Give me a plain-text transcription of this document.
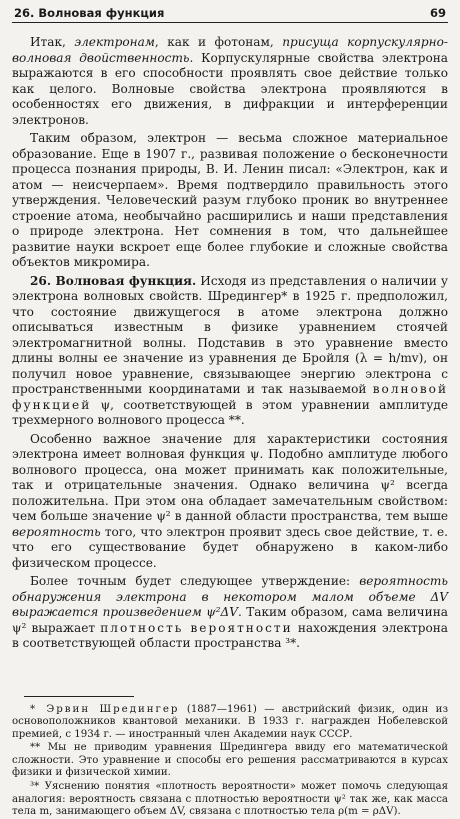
26. Волновая функция	69

Итак, электронам, как и фотонам, присуща корпускулярно-волновая двойственность. Корпускулярные свойства электрона выражаются в его способности проявлять свое действие только как целого. Волновые свойства электрона проявляются в особенностях его движения, в дифракции и интерференции электронов.

Таким образом, электрон — весьма сложное материальное образование. Еще в 1907 г., развивая положение о бесконечности процесса познания природы, В. И. Ленин писал: «Электрон, как и атом — неисчерпаем». Время подтвердило правильность этого утверждения. Человеческий разум глубоко проник во внутреннее строение атома, необычайно расширились и наши представления о природе электрона. Нет сомнения в том, что дальнейшее развитие науки вскроет еще более глубокие и сложные свойства объектов микромира.

26. Волновая функция. Исходя из представления о наличии у электрона волновых свойств. Шредингер* в 1925 г. предположил, что состояние движущегося в атоме электрона должно описываться известным в физике уравнением стоячей электромагнитной волны. Подставив в это уравнение вместо длины волны ее значение из уравнения де Бройля (λ = h/mv), он получил новое уравнение, связывающее энергию электрона с пространственными координатами и так называемой волновой функцией ψ, соответствующей в этом уравнении амплитуде трехмерного волнового процесса **.

Особенно важное значение для характеристики состояния электрона имеет волновая функция ψ. Подобно амплитуде любого волнового процесса, она может принимать как положительные, так и отрицательные значения. Однако величина ψ² всегда положительна. При этом она обладает замечательным свойством: чем больше значение ψ² в данной области пространства, тем выше вероятность того, что электрон проявит здесь свое действие, т. е. что его существование будет обнаружено в каком-либо физическом процессе.

Более точным будет следующее утверждение: вероятность обнаружения электрона в некотором малом объеме ΔV выражается произведением ψ²ΔV. Таким образом, сама величина ψ² выражает плотность вероятности нахождения электрона в соответствующей области пространства ³*.

* Эрвин Шредингер (1887—1961) — австрийский физик, один из основоположников квантовой механики. В 1933 г. награжден Нобелевской премией, с 1934 г. — иностранный член Академии наук СССР.

** Мы не приводим уравнения Шредингера ввиду его математической сложности. Это уравнение и способы его решения рассматриваются в курсах физики и физической химии.

³* Уяснению понятия «плотность вероятности» может помочь следующая аналогия: вероятность связана с плотностью вероятности ψ² так же, как масса тела m, занимающего объем ΔV, связана с плотностью тела ρ(m = ρΔV).
